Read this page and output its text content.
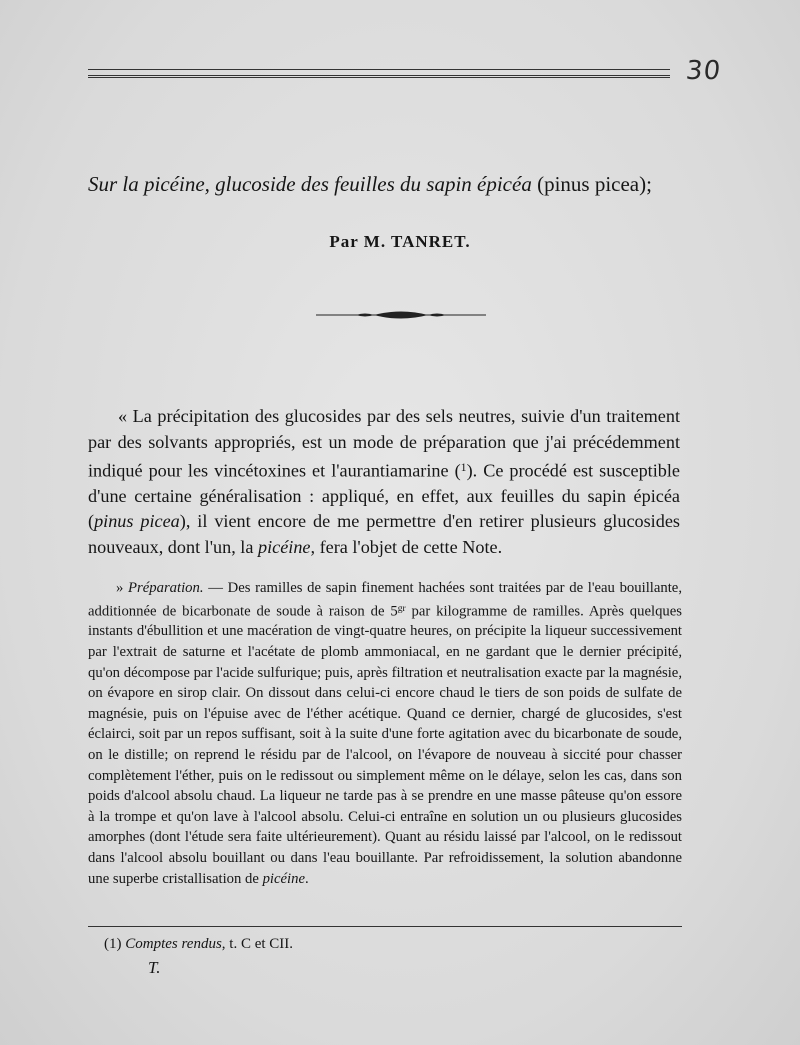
30
Sur la picéine, glucoside des feuilles du sapin épicéa (pinus picea);
Par M. TANRET.
« La précipitation des glucosides par des sels neutres, suivie d'un traitement par des solvants appropriés, est un mode de préparation que j'ai précédemment indiqué pour les vincétoxines et l'aurantiamarine ($^1$). Ce procédé est susceptible d'une certaine généralisation : appliqué, en effet, aux feuilles du sapin épicéa (pinus picea), il vient encore de me permettre d'en retirer plusieurs glucosides nouveaux, dont l'un, la picéine, fera l'objet de cette Note.
» Préparation. — Des ramilles de sapin finement hachées sont traitées par de l'eau bouillante, additionnée de bicarbonate de soude à raison de $5^{gr}$ par kilogramme de ramilles. Après quelques instants d'ébullition et une macération de vingt-quatre heures, on précipite la liqueur successivement par l'extrait de saturne et l'acétate de plomb ammoniacal, en ne gardant que le dernier précipité, qu'on décompose par l'acide sulfurique; puis, après filtration et neutralisation exacte par la magnésie, on évapore en sirop clair. On dissout dans celui-ci encore chaud le tiers de son poids de sulfate de magnésie, puis on l'épuise avec de l'éther acétique. Quand ce dernier, chargé de glucosides, s'est éclairci, soit par un repos suffisant, soit à la suite d'une forte agitation avec du bicarbonate de soude, on le distille; on reprend le résidu par de l'alcool, on l'évapore de nouveau à siccité pour chasser complètement l'éther, puis on le redissout ou simplement même on le délaye, selon les cas, dans son poids d'alcool absolu chaud. La liqueur ne tarde pas à se prendre en une masse pâteuse qu'on essore à la trompe et qu'on lave à l'alcool absolu. Celui-ci entraîne en solution un ou plusieurs glucosides amorphes (dont l'étude sera faite ultérieurement). Quant au résidu laissé par l'alcool, on le redissout dans l'alcool absolu bouillant ou dans l'eau bouillante. Par refroidissement, la solution abandonne une superbe cristallisation de picéine.
(1) Comptes rendus, t. C et CII.
T.
